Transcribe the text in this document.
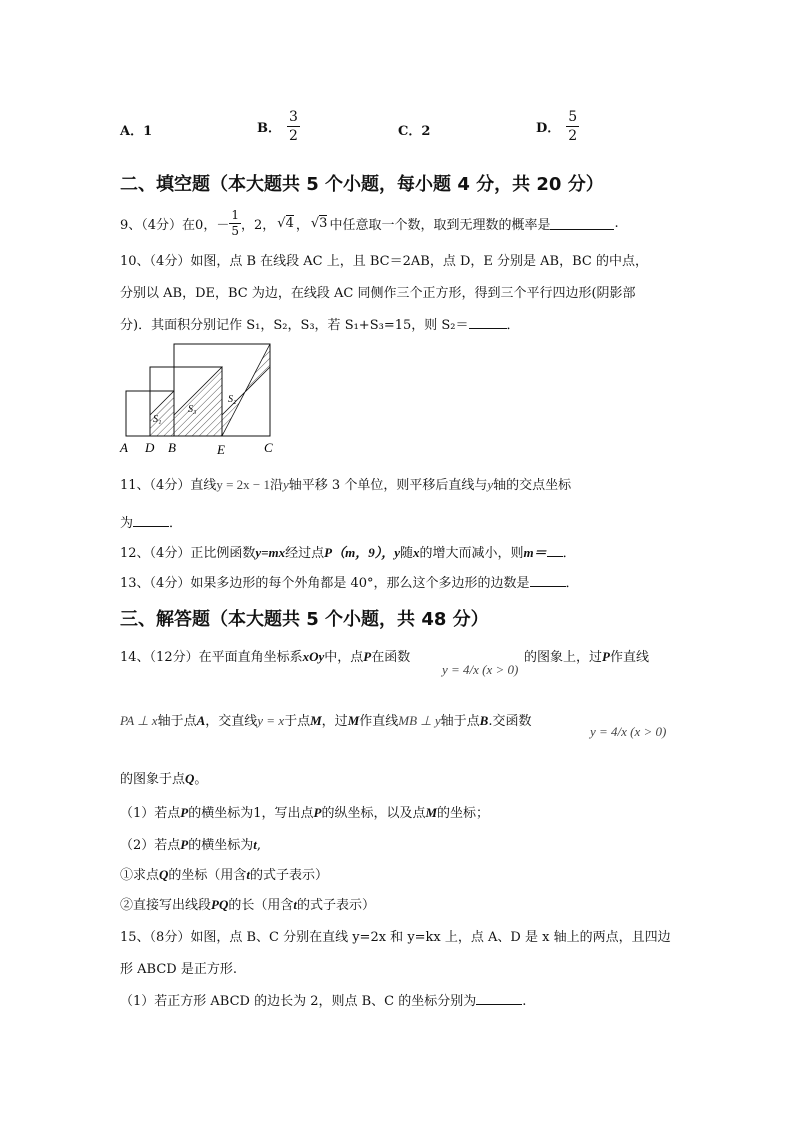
A．1	B． $\frac{3}{2}$	C．2	D． $\frac{5}{2}$
二、填空题（本大题共 5 个小题，每小题 4 分，共 20 分）
9、（4分）在0， － $\frac{1}{5}$ ，2， √4 ， √3 中任意取一个数，取到无理数的概率是	.
10、（4分）如图，点 B 在线段 AC 上，且 BC＝2AB，点 D，E 分别是 AB，BC 的中点，
分别以 AB，DE，BC 为边，在线段 AC 同侧作三个正方形，得到三个平行四边形(阴影部
分)．其面积分别记作 S₁，S₂，S₃，若 S₁+S₃=15，则 S₂＝	．
S₁
S₃
S₂
A D B	E	C
11、（4分）直线y = 2x − 1沿y轴平移 3 个单位，则平移后直线与y轴的交点坐标
为	．
12、（4分）正比例函数y=mx经过点P（m，9），y随x的增大而减小，则m＝ ．
13、（4分）如果多边形的每个外角都是 40°，那么这个多边形的边数是	．
三、解答题（本大题共 5 个小题，共 48 分）
14、（12分）在平面直角坐标系xOy中，点P在函数
y = 4/x (x > 0)
的图象上，过P作直线
PA ⊥ x轴于点A，交直线y = x于点M，过M作直线MB ⊥ y轴于点B.交函数
y = 4/x (x > 0)
的图象于点Q。
（1）若点P的横坐标为1，写出点P的纵坐标，以及点M的坐标；
（2）若点P的横坐标为t,
①求点Q的坐标（用含t的式子表示）
②直接写出线段PQ的长（用含t的式子表示）
15、（8分）如图，点 B、C 分别在直线 y=2x 和 y=kx 上，点 A、D 是 x 轴上的两点，且四边
形 ABCD 是正方形.
（1）若正方形 ABCD 的边长为 2，则点 B、C 的坐标分别为	.
